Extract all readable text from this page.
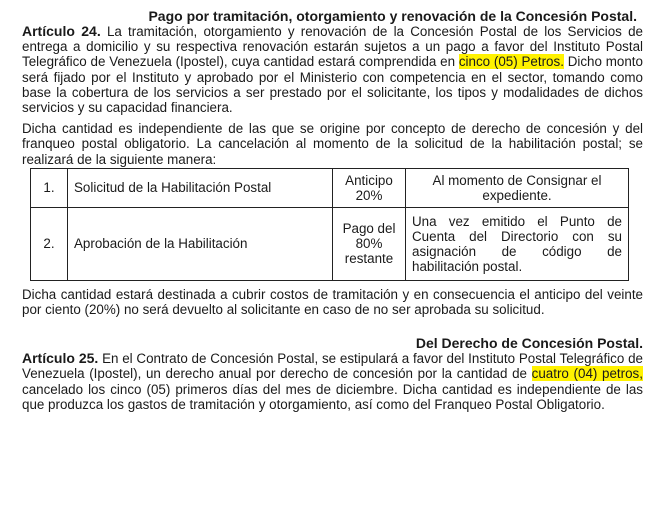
Pago por tramitación, otorgamiento y renovación de la Concesión Postal.

Artículo 24. La tramitación, otorgamiento y renovación de la Concesión Postal de los Servicios de entrega a domicilio y su respectiva renovación estarán sujetos a un pago a favor del Instituto Postal Telegráfico de Venezuela (Ipostel), cuya cantidad estará comprendida en cinco (05) Petros. Dicho monto será fijado por el Instituto y aprobado por el Ministerio con competencia en el sector, tomando como base la cobertura de los servicios a ser prestado por el solicitante, los tipos y modalidades de dichos servicios y su capacidad financiera.

Dicha cantidad es independiente de las que se origine por concepto de derecho de concesión y del franqueo postal obligatorio. La cancelación al momento de la solicitud de la habilitación postal; se realizará de la siguiente manera:

1.	Solicitud de la Habilitación Postal	Anticipo 20%	Al momento de Consignar el expediente.
2.	Aprobación de la Habilitación	Pago del 80% restante	Una vez emitido el Punto de Cuenta del Directorio con su asignación de código de habilitación postal.

Dicha cantidad estará destinada a cubrir costos de tramitación y en consecuencia el anticipo del veinte por ciento (20%) no será devuelto al solicitante en caso de no ser aprobada su solicitud.

Del Derecho de Concesión Postal.

Artículo 25. En el Contrato de Concesión Postal, se estipulará a favor del Instituto Postal Telegráfico de Venezuela (Ipostel), un derecho anual por derecho de concesión por la cantidad de cuatro (04) petros, cancelado los cinco (05) primeros días del mes de diciembre. Dicha cantidad es independiente de las que produzca los gastos de tramitación y otorgamiento, así como del Franqueo Postal Obligatorio.
